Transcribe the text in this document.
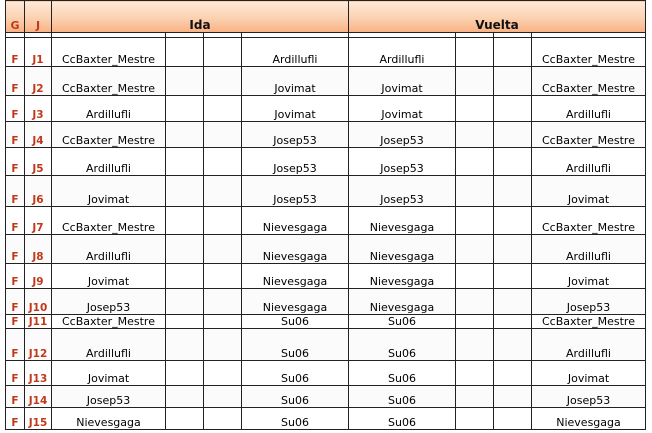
G	J	Ida				Vuelta			

F	J1	CcBaxter_Mestre			Ardillufli	Ardillufli			CcBaxter_Mestre
F	J2	CcBaxter_Mestre			Jovimat	Jovimat			CcBaxter_Mestre
F	J3	Ardillufli			Jovimat	Jovimat			Ardillufli
F	J4	CcBaxter_Mestre			Josep53	Josep53			CcBaxter_Mestre
F	J5	Ardillufli			Josep53	Josep53			Ardillufli
F	J6	Jovimat			Josep53	Josep53			Jovimat
F	J7	CcBaxter_Mestre			Nievesgaga	Nievesgaga			CcBaxter_Mestre
F	J8	Ardillufli			Nievesgaga	Nievesgaga			Ardillufli
F	J9	Jovimat			Nievesgaga	Nievesgaga			Jovimat
F	J10	Josep53			Nievesgaga	Nievesgaga			Josep53
F	J11	CcBaxter_Mestre			Su06	Su06			CcBaxter_Mestre
F	J12	Ardillufli			Su06	Su06			Ardillufli
F	J13	Jovimat			Su06	Su06			Jovimat
F	J14	Josep53			Su06	Su06			Josep53
F	J15	Nievesgaga			Su06	Su06			Nievesgaga
